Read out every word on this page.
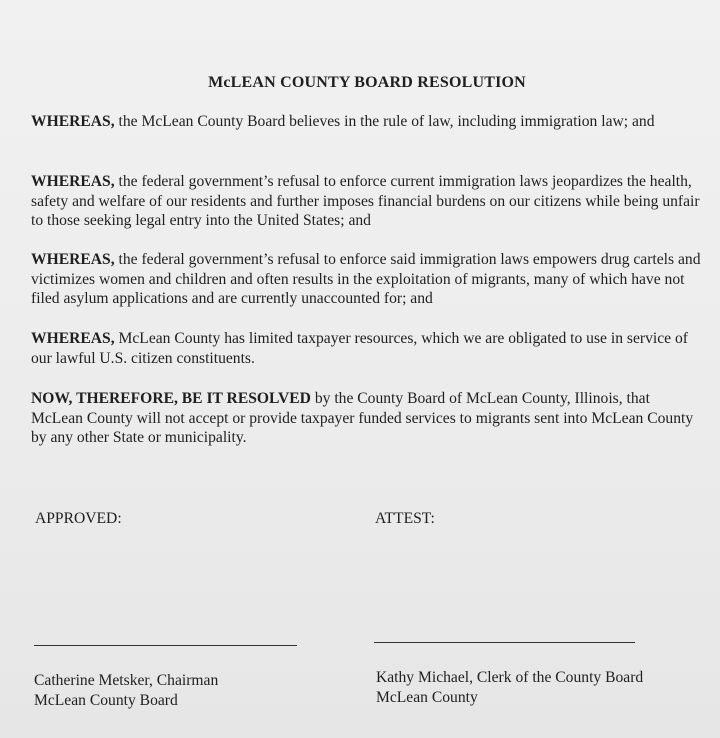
McLEAN COUNTY BOARD RESOLUTION

WHEREAS, the McLean County Board believes in the rule of law, including immigration law; and

WHEREAS, the federal government’s refusal to enforce current immigration laws jeopardizes the health, safety and welfare of our residents and further imposes financial burdens on our citizens while being unfair to those seeking legal entry into the United States; and

WHEREAS, the federal government’s refusal to enforce said immigration laws empowers drug cartels and victimizes women and children and often results in the exploitation of migrants, many of which have not filed asylum applications and are currently unaccounted for; and

WHEREAS, McLean County has limited taxpayer resources, which we are obligated to use in service of our lawful U.S. citizen constituents.

NOW, THEREFORE, BE IT RESOLVED by the County Board of McLean County, Illinois, that McLean County will not accept or provide taxpayer funded services to migrants sent into McLean County by any other State or municipality.

APPROVED:	ATTEST:
Catherine Metsker, Chairman
McLean County Board
Kathy Michael, Clerk of the County Board
McLean County
